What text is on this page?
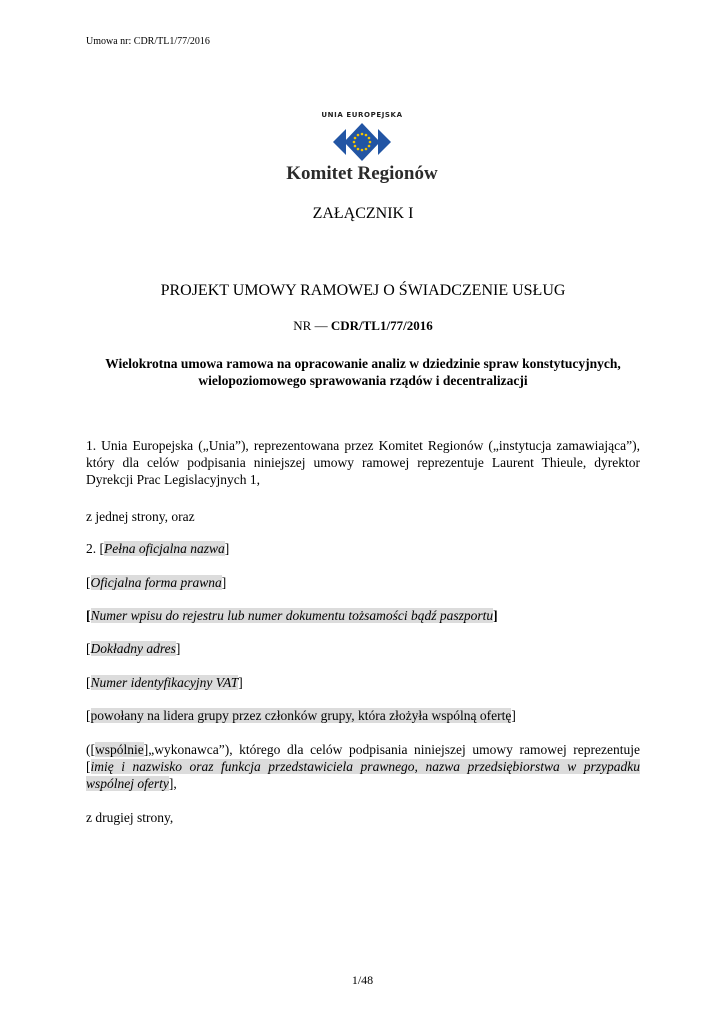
Umowa nr: CDR/TL1/77/2016
UNIA EUROPEJSKA
Komitet Regionów
ZAŁĄCZNIK I
PROJEKT UMOWY RAMOWEJ O ŚWIADCZENIE USŁUG
NR — CDR/TL1/77/2016
Wielokrotna umowa ramowa na opracowanie analiz w dziedzinie spraw konstytucyjnych, wielopoziomowego sprawowania rządów i decentralizacji
1. Unia Europejska („Unia”), reprezentowana przez Komitet Regionów („instytucja zamawiająca”), który dla celów podpisania niniejszej umowy ramowej reprezentuje Laurent Thieule, dyrektor Dyrekcji Prac Legislacyjnych 1,
z jednej strony, oraz
2. [Pełna oficjalna nazwa]
[Oficjalna forma prawna]
[Numer wpisu do rejestru lub numer dokumentu tożsamości bądź paszportu]
[Dokładny adres]
[Numer identyfikacyjny VAT]
[powołany na lidera grupy przez członków grupy, która złożyła wspólną ofertę]
([wspólnie]„wykonawca”), którego dla celów podpisania niniejszej umowy ramowej reprezentuje [imię i nazwisko oraz funkcja przedstawiciela prawnego, nazwa przedsiębiorstwa w przypadku wspólnej oferty],
z drugiej strony,
1/48
